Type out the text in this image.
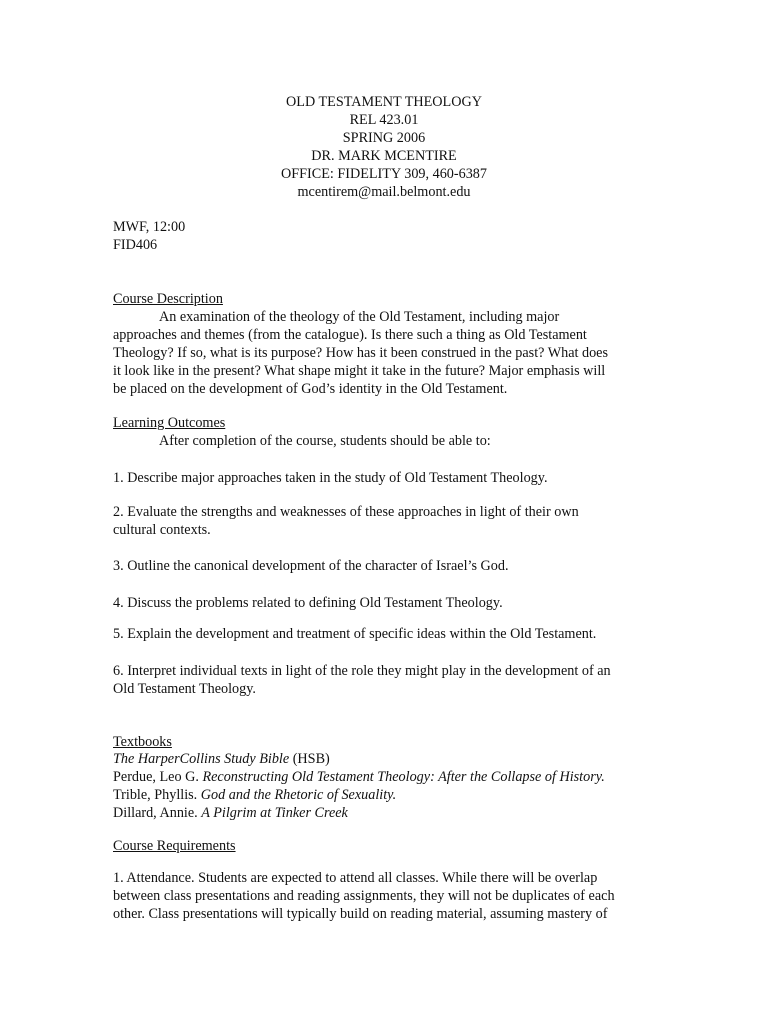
OLD TESTAMENT THEOLOGY

REL 423.01

SPRING 2006

DR. MARK MCENTIRE

OFFICE: FIDELITY 309, 460-6387

mcentirem@mail.belmont.edu

MWF, 12:00

FID406

Course Description

An examination of the theology of the Old Testament, including major

approaches and themes (from the catalogue). Is there such a thing as Old Testament

Theology? If so, what is its purpose? How has it been construed in the past? What does

it look like in the present? What shape might it take in the future? Major emphasis will

be placed on the development of God’s identity in the Old Testament.

Learning Outcomes

After completion of the course, students should be able to:

1. Describe major approaches taken in the study of Old Testament Theology.

2. Evaluate the strengths and weaknesses of these approaches in light of their own

cultural contexts.

3. Outline the canonical development of the character of Israel’s God.

4. Discuss the problems related to defining Old Testament Theology.

5. Explain the development and treatment of specific ideas within the Old Testament.

6. Interpret individual texts in light of the role they might play in the development of an

Old Testament Theology.

Textbooks

The HarperCollins Study Bible (HSB)

Perdue, Leo G. Reconstructing Old Testament Theology: After the Collapse of History.

Trible, Phyllis. God and the Rhetoric of Sexuality.

Dillard, Annie. A Pilgrim at Tinker Creek

Course Requirements

1. Attendance. Students are expected to attend all classes. While there will be overlap

between class presentations and reading assignments, they will not be duplicates of each

other. Class presentations will typically build on reading material, assuming mastery of
